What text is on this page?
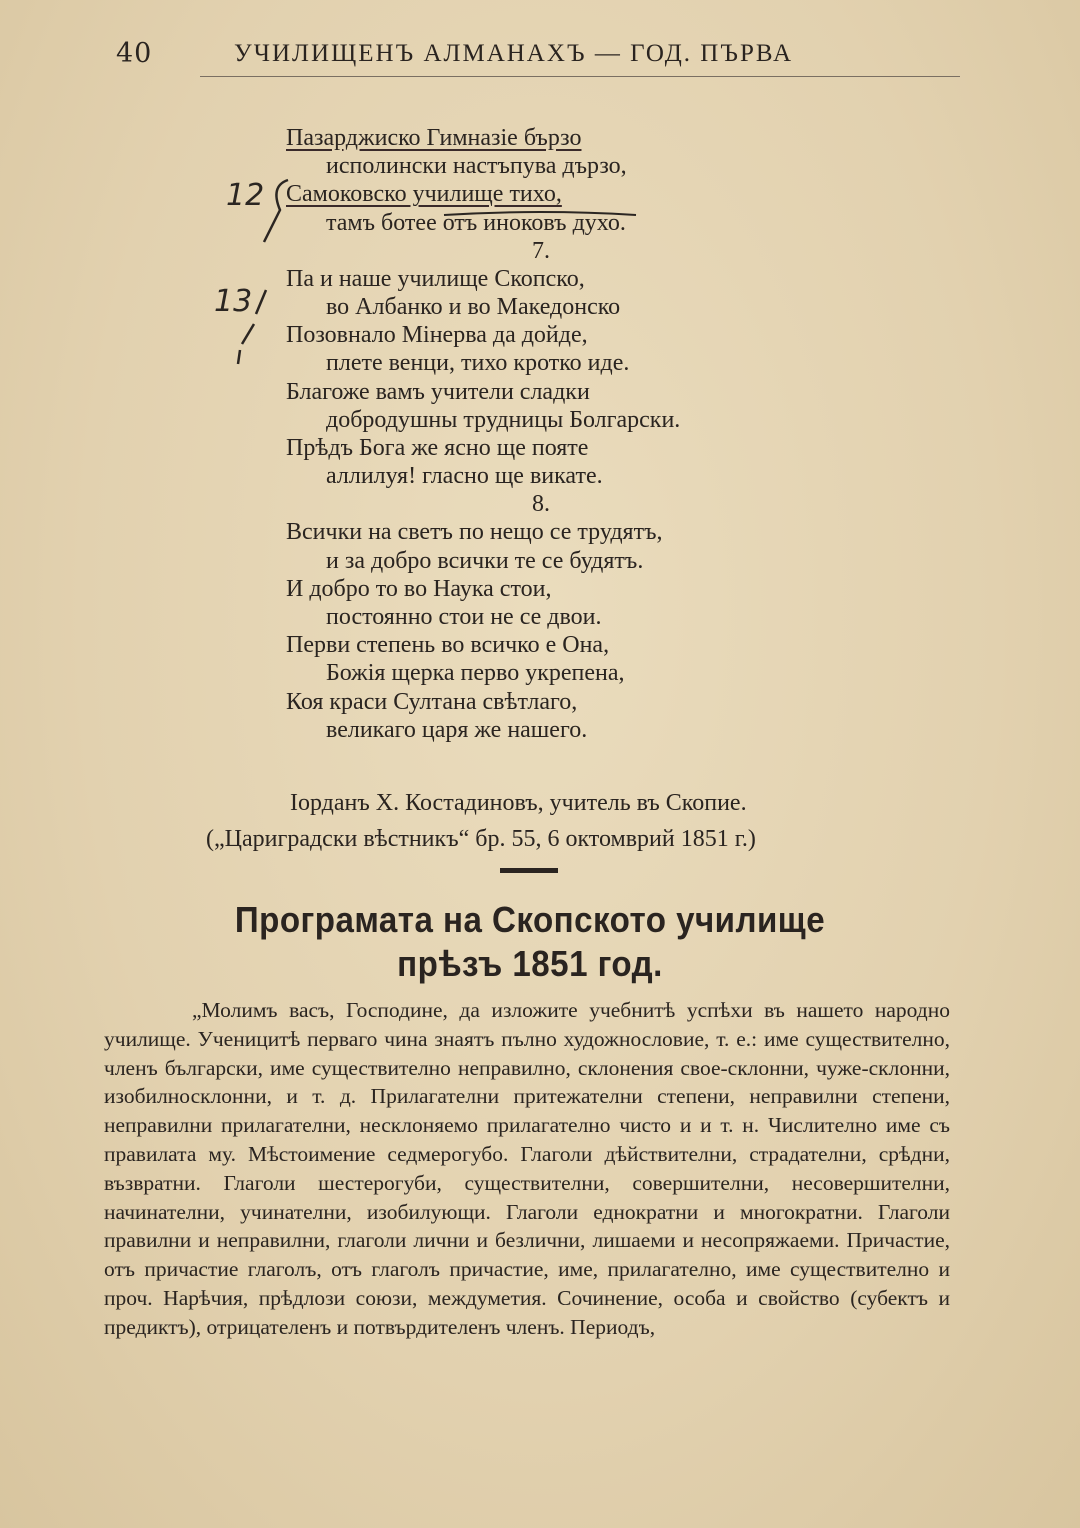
40	УЧИЛИЩЕНЪ АЛМАНАХЪ — ГОД. ПЪРВА
12
13
Пазарджиско Гимназіе бързо
исполински настъпува дързо,
Самоковско училище тихо,
тамъ ботее отъ иноковъ духо.
7.
Па и наше училище Скопско,
во Албанко и во Македонско
Позовнало Мінерва да дойде,
плете венци, тихо кротко иде.
Благоже вамъ учители сладки
добродушны трудницы Болгарски.
Прѣдъ Бога же ясно ще пояте
аллилуя! гласно ще викате.
8.
Всички на светъ по нещо се трудятъ,
и за добро всички те се будятъ.
И добро то во Наука стои,
постоянно стои не се двои.
Перви степень во всичко е Она,
Божія щерка перво укрепена,
Коя краси Султана свѣтлаго,
великаго царя же нашего.
Іорданъ Х. Костадиновъ, учитель въ Скопие.
(„Цариградски вѣстникъ“ бр. 55, 6 октомврий 1851 г.)
Програмата на Скопското училище
прѣзъ 1851 год.
„Молимъ васъ, Господине, да изложите учебнитѣ успѣхи въ нашето народно училище. Ученицитѣ перваго чина знаятъ пълно художнословие, т. е.: име существително, членъ български, име существително неправилно, склонения свое-склонни, чуже-склонни, изобилносклонни, и т. д. Прилагателни притежателни степени, неправилни степени, неправилни прилагателни, несклоняемо прилагателно чисто и и т. н. Числително име съ правилата му. Мѣстоимение седмерогубо. Глаголи дѣйствителни, страдателни, срѣдни, възвратни. Глаголи шестерогуби, существителни, совершителни, несовершителни, начинателни, учинателни, изобилующи. Глаголи еднократни и многократни. Глаголи правилни и неправилни, глаголи лични и безлични, лишаеми и несопряжаеми. Причастие, отъ причастие глаголъ, отъ глаголъ причастие, име, прилагателно, име существително и проч. Нарѣчия, прѣдлози союзи, междуметия. Сочинение, особа и свойство (субектъ и предиктъ), отрицателенъ и потвърдителенъ членъ. Периодъ,
